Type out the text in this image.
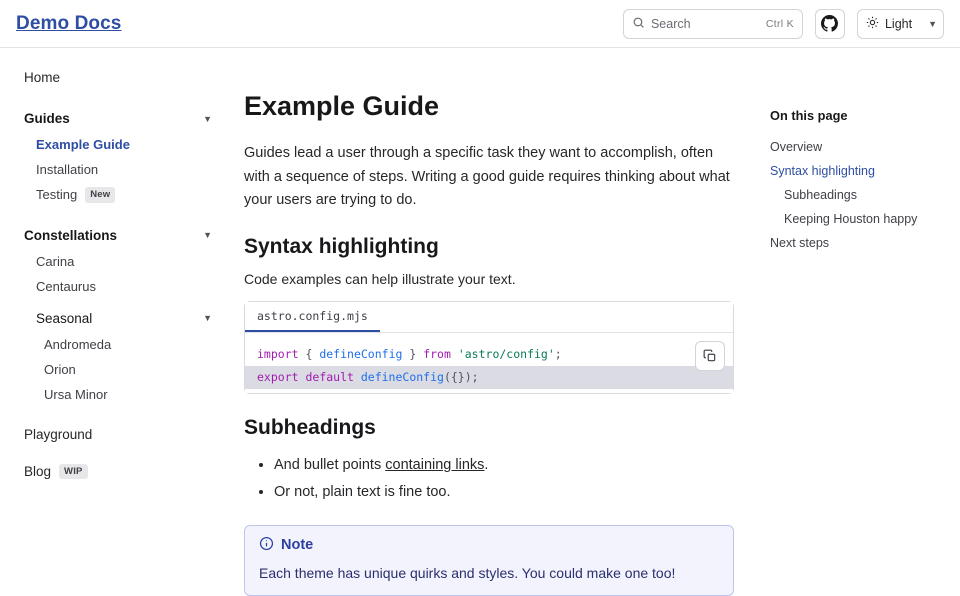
Demo Docs	Search	Ctrl K	Light ▼
Home
Guides	▼
Example Guide
Installation
Testing	New
Constellations	▼
Carina
Centaurus
Seasonal	▼
Andromeda
Orion
Ursa Minor
Playground
Blog	WIP
Example Guide

Guides lead a user through a specific task they want to accomplish, often with a sequence of steps. Writing a good guide requires thinking about what your users are trying to do.

Syntax highlighting

Code examples can help illustrate your text.

astro.config.mjs
import { defineConfig } from 'astro/config';
export default defineConfig({});
Subheadings
• And bullet points containing links.
• Or not, plain text is fine too.
Note
Each theme has unique quirks and styles. You could make one too!
On this page
Overview
Syntax highlighting
Subheadings
Keeping Houston happy
Next steps
